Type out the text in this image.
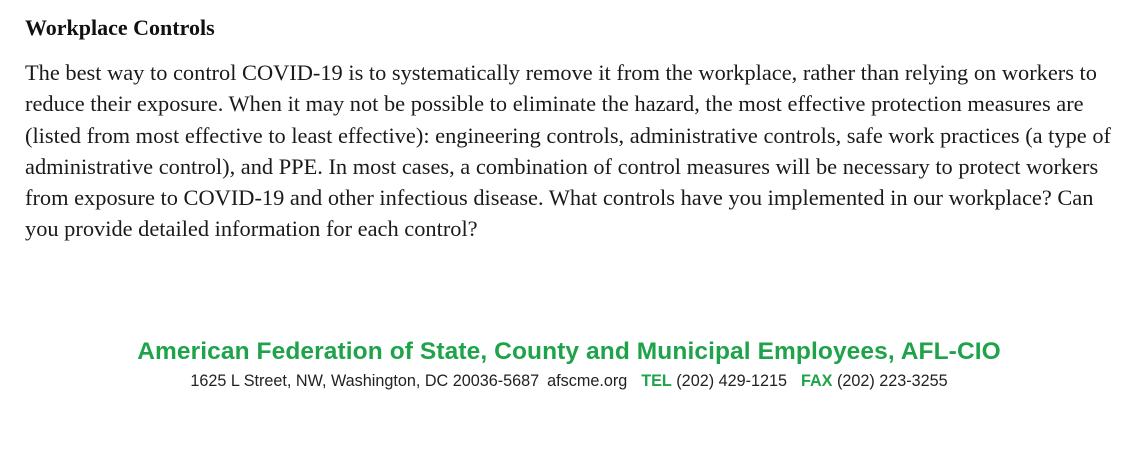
Workplace Controls

The best way to control COVID-19 is to systematically remove it from the workplace, rather than relying on workers to reduce their exposure. When it may not be possible to eliminate the hazard, the most effective protection measures are (listed from most effective to least effective): engineering controls, administrative controls, safe work practices (a type of administrative control), and PPE. In most cases, a combination of control measures will be necessary to protect workers from exposure to COVID-19 and other infectious disease. What controls have you implemented in our workplace? Can you provide detailed information for each control?

American Federation of State, County and Municipal Employees, AFL-CIO
1625 L Street, NW, Washington, DC 20036-5687 afscme.org TEL (202) 429-1215 FAX (202) 223-3255
